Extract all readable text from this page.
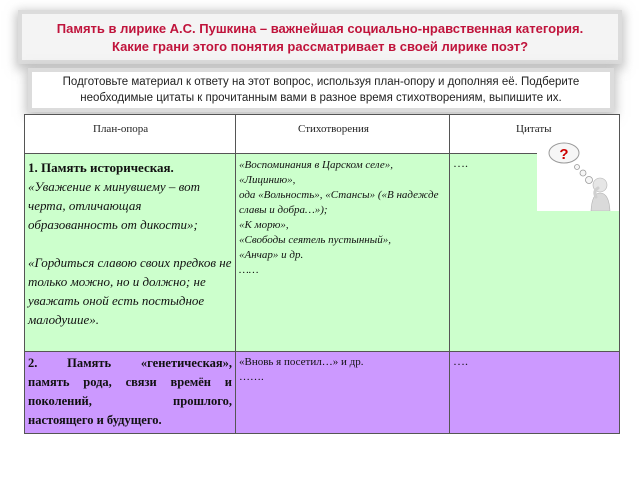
Память в лирике А.С. Пушкина – важнейшая социально-нравственная категория.
Какие грани этого понятия рассматривает в своей лирике поэт?
Подготовьте материал к ответу на этот вопрос, используя план-опору и дополняя её. Подберите
необходимые цитаты к прочитанным вами в разное время стихотворениям, выпишите их.
План-опора	Стихотворения	Цитаты
1. Память историческая.
«Уважение к минувшему – вот черта, отличающая образованность от дикости»;
«Гордиться славою своих предков не только можно, но и должно; не уважать оной есть постыдное малодушие».
«Воспоминания в Царском селе»,
«Лицинию»,
ода «Вольность», «Стансы» («В надежде славы и добра…»);
«К морю»,
«Свободы сеятель пустынный»,
«Анчар» и др.
……
….
2.  Память  «генетическая»,
память рода, связи времён и
поколений,            прошлого,
настоящего и будущего.
«Вновь я посетил…» и др.
…….
….
?
